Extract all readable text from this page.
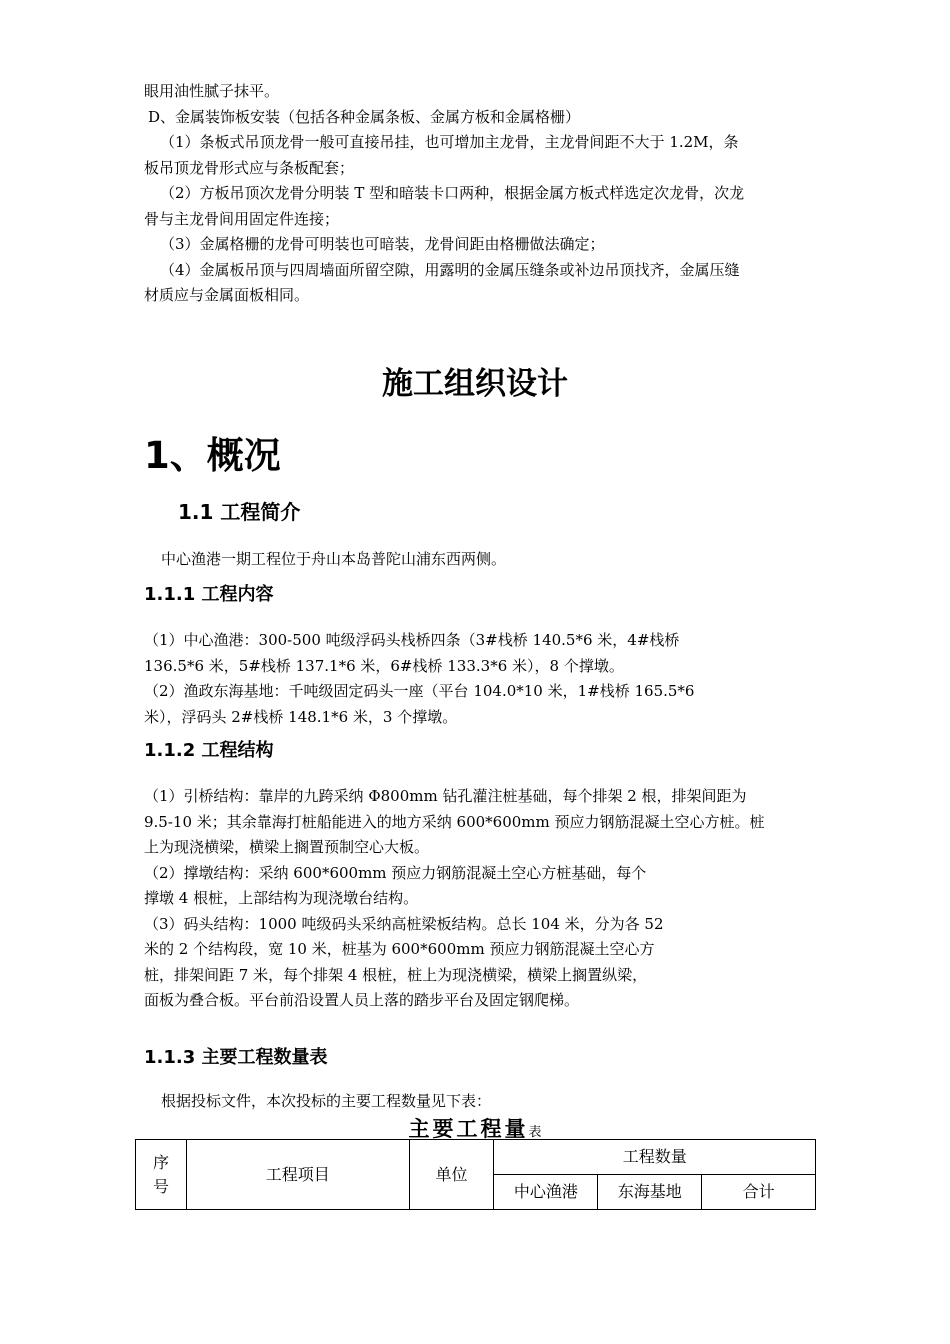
眼用油性腻子抹平。
D、金属装饰板安装（包括各种金属条板、金属方板和金属格栅）
（1）条板式吊顶龙骨一般可直接吊挂，也可增加主龙骨，主龙骨间距不大于 1.2M，条
板吊顶龙骨形式应与条板配套；
（2）方板吊顶次龙骨分明装 T 型和暗装卡口两种，根据金属方板式样选定次龙骨，次龙
骨与主龙骨间用固定件连接；
（3）金属格栅的龙骨可明装也可暗装，龙骨间距由格栅做法确定；
（4）金属板吊顶与四周墙面所留空隙，用露明的金属压缝条或补边吊顶找齐，金属压缝
材质应与金属面板相同。
施工组织设计
1、概况
1.1 工程简介
中心渔港一期工程位于舟山本岛普陀山浦东西两侧。
1.1.1 工程内容
（1）中心渔港：300-500 吨级浮码头栈桥四条（3#栈桥 140.5*6 米，4#栈桥
136.5*6 米，5#栈桥 137.1*6 米，6#栈桥 133.3*6 米），8 个撑墩。
（2）渔政东海基地：千吨级固定码头一座（平台 104.0*10 米，1#栈桥 165.5*6
米），浮码头 2#栈桥 148.1*6 米，3 个撑墩。
1.1.2 工程结构
（1）引桥结构：靠岸的九跨采纳 Φ800mm 钻孔灌注桩基础，每个排架 2 根，排架间距为
9.5-10 米；其余靠海打桩船能进入的地方采纳 600*600mm 预应力钢筋混凝土空心方桩。桩
上为现浇横梁，横梁上搁置预制空心大板。
（2）撑墩结构：采纳 600*600mm 预应力钢筋混凝土空心方桩基础，每个
撑墩 4 根桩，上部结构为现浇墩台结构。
（3）码头结构：1000 吨级码头采纳高桩梁板结构。总长 104 米，分为各 52
米的 2 个结构段，宽 10 米，桩基为 600*600mm 预应力钢筋混凝土空心方
桩，排架间距 7 米，每个排架 4 根桩，桩上为现浇横梁，横梁上搁置纵梁，
面板为叠合板。平台前沿设置人员上落的踏步平台及固定钢爬梯。
1.1.3 主要工程数量表
根据投标文件，本次投标的主要工程数量见下表：
主要工程量表
序号	工程项目	单位	工程数量		
			中心渔港	东海基地	合计
